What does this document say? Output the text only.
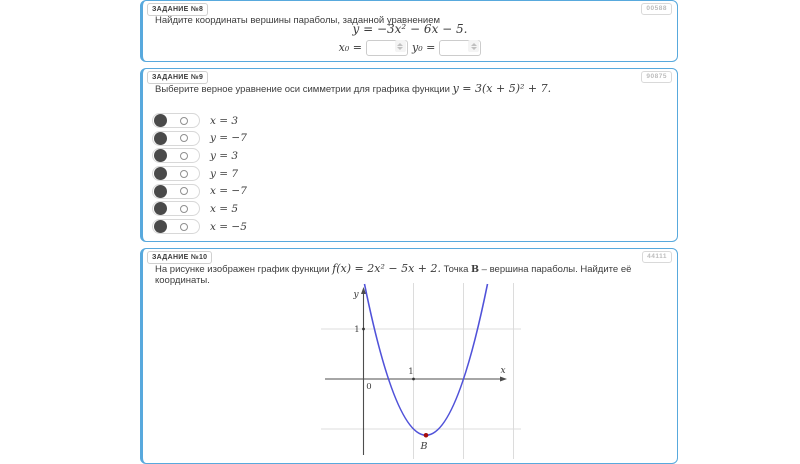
ЗАДАНИЕ №8	00588
Найдите координаты вершины параболы, заданной уравнением
y = −3x² − 6x − 5.
x₀ =	y₀ =
ЗАДАНИЕ №9	90875
Выберите верное уравнение оси симметрии для графика функции y = 3(x + 5)² + 7.
x = 3
y = −7
y = 3
y = 7
x = −7
x = 5
x = −5
ЗАДАНИЕ №10	44111
На рисунке изображен график функции f(x) = 2x² − 5x + 2. Точка B – вершина параболы. Найдите её координаты.
x
y
0
1
1
B
